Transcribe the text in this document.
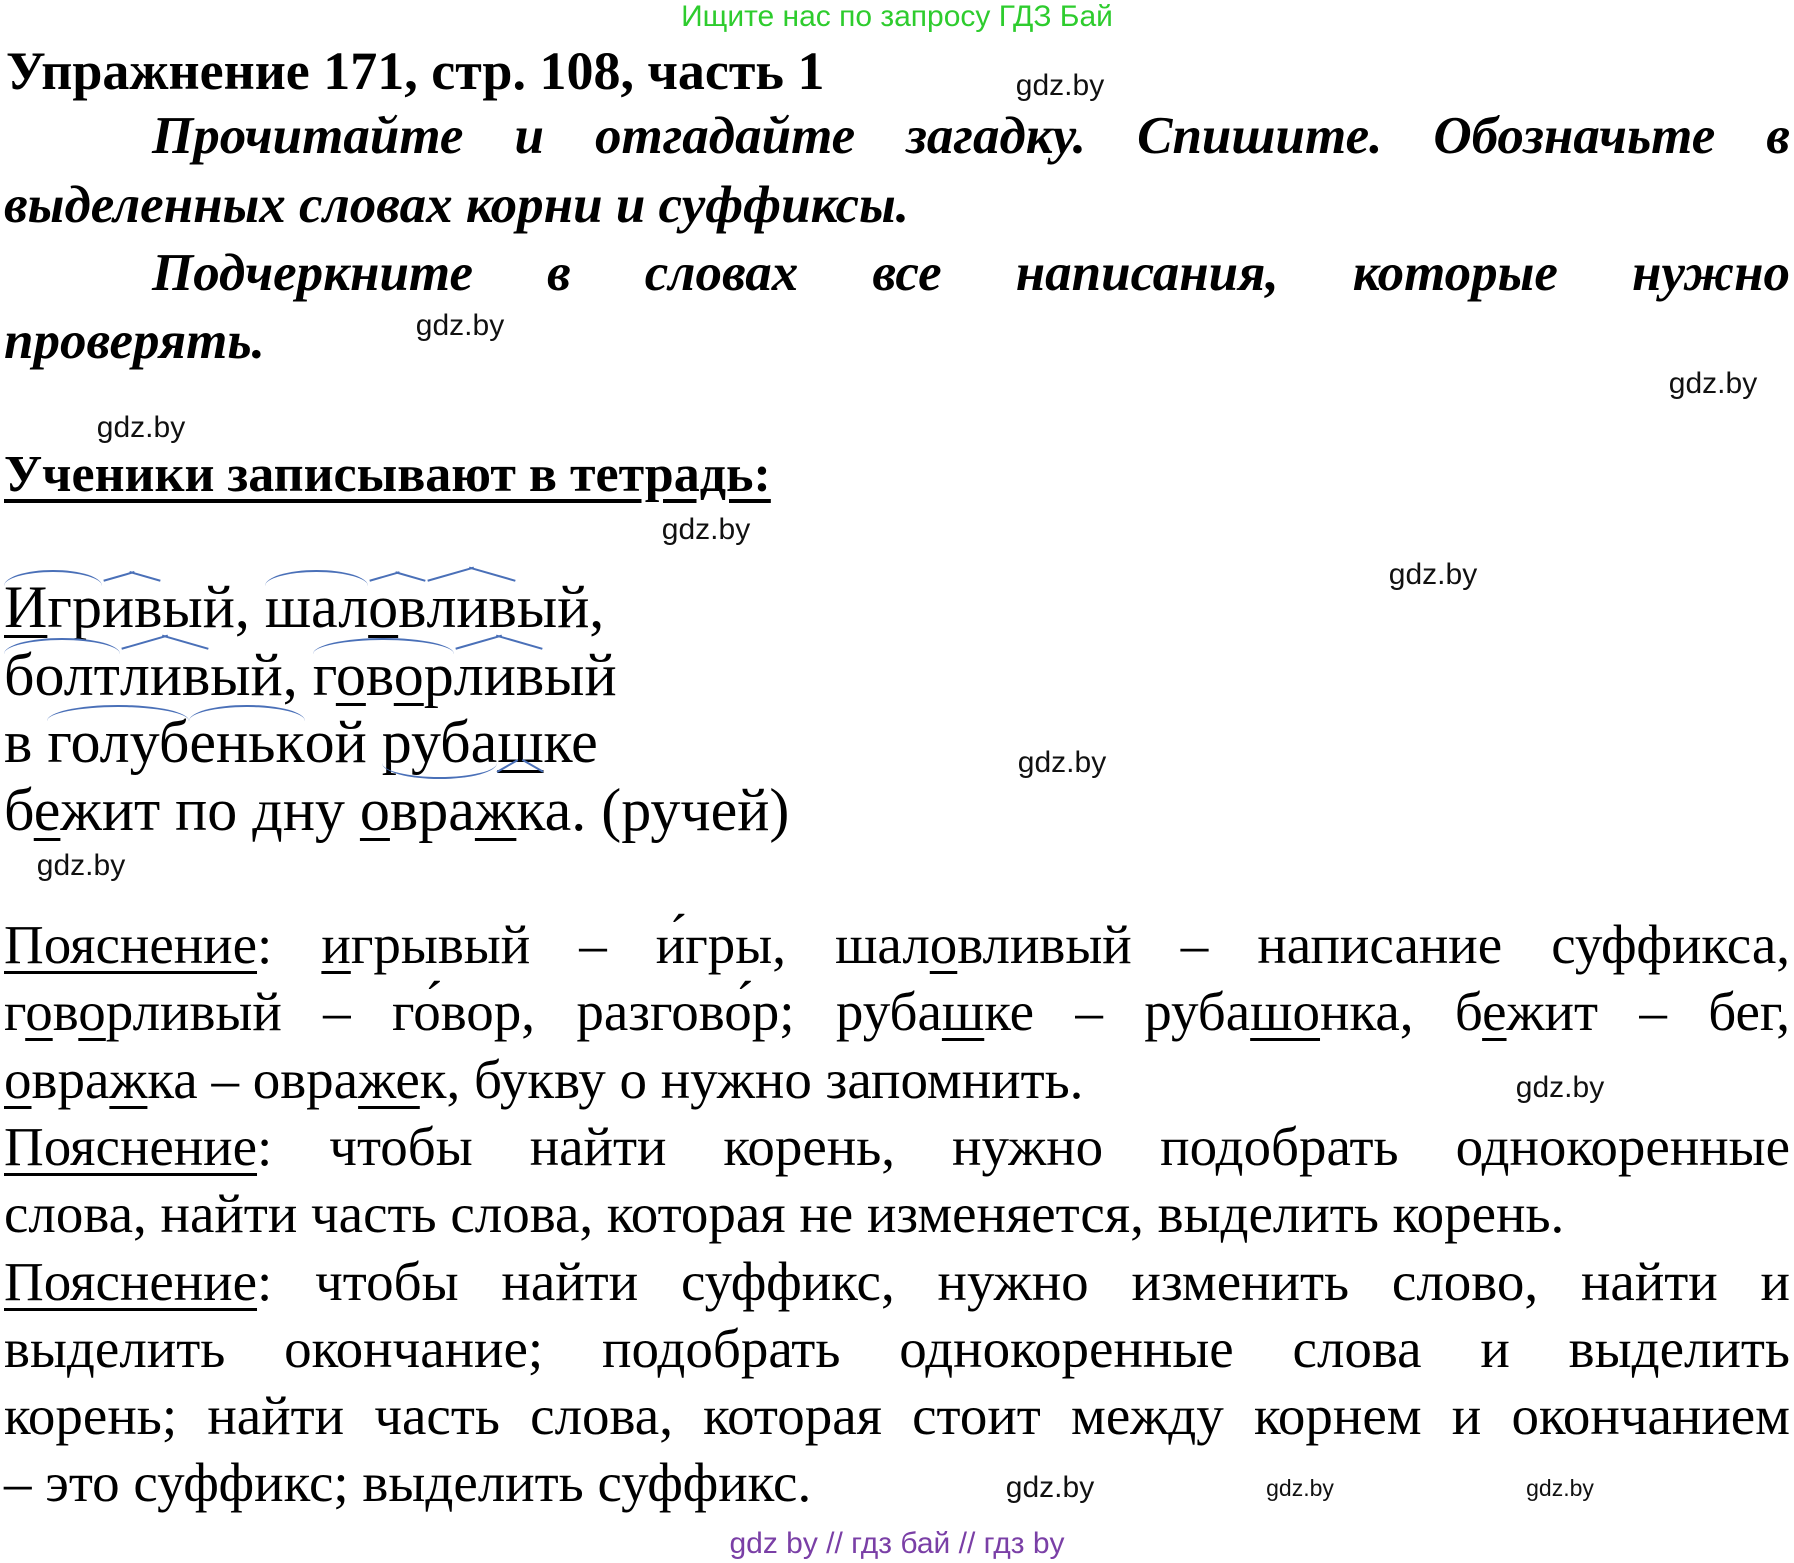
Ищите нас по запросу ГДЗ Бай
Упражнение 171, стр. 108, часть 1
Прочитайте и отгадайте загадку. Спишите. Обозначьте в
выделенных словах корни и суффиксы.
Подчеркните в словах все написания, которые нужно
проверять.
Ученики записывают в тетрадь:
Игривый, шаловливый,
болтливый, говорливый
в голубенькой рубашке
бежит по дну овражка. (ручей)
Пояснение: игрывый – и́гры, шаловливый – написание суффикса,
говорливый – го́вор, разгово́р; рубашке – рубашонка, бежит – бег,
овражка – овражек, букву о нужно запомнить.
Пояснение: чтобы найти корень, нужно подобрать однокоренные
слова, найти часть слова, которая не изменяется, выделить корень.
Пояснение: чтобы найти суффикс, нужно изменить слово, найти и
выделить окончание; подобрать однокоренные слова и выделить
корень; найти часть слова, которая стоит между корнем и окончанием
– это суффикс; выделить суффикс.
gdz.by
gdz.by
gdz.by
gdz.by
gdz.by
gdz.by
gdz.by
gdz.by
gdz.by
gdz.by	gdz.by
gdz.by
gdz by // гдз бай // гдз by
